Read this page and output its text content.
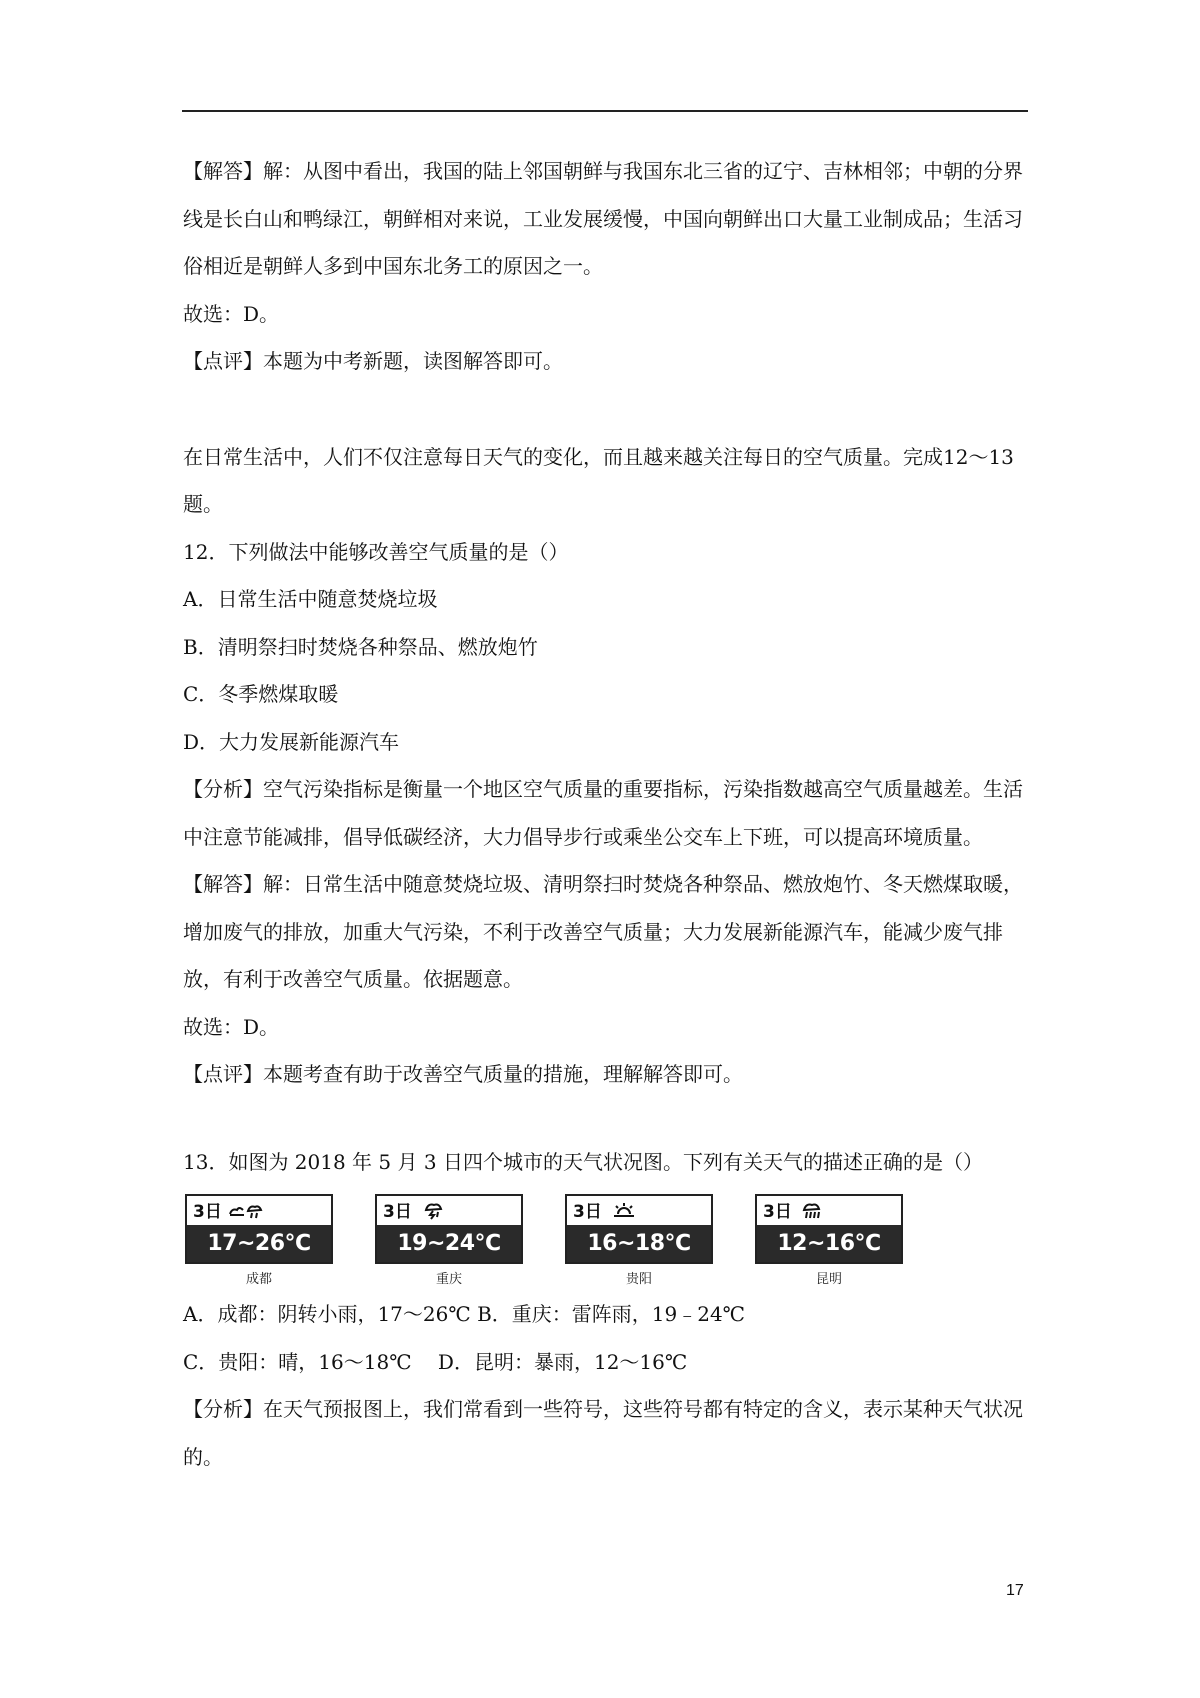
【解答】解：从图中看出，我国的陆上邻国朝鲜与我国东北三省的辽宁、吉林相邻；中朝的分界线是长白山和鸭绿江，朝鲜相对来说，工业发展缓慢，中国向朝鲜出口大量工业制成品；生活习俗相近是朝鲜人多到中国东北务工的原因之一。

故选：D。

【点评】本题为中考新题，读图解答即可。

在日常生活中，人们不仅注意每日天气的变化，而且越来越关注每日的空气质量。完成12～13题。

12．下列做法中能够改善空气质量的是（）

A．日常生活中随意焚烧垃圾

B．清明祭扫时焚烧各种祭品、燃放炮竹

C．冬季燃煤取暖

D．大力发展新能源汽车

【分析】空气污染指标是衡量一个地区空气质量的重要指标，污染指数越高空气质量越差。生活中注意节能减排，倡导低碳经济，大力倡导步行或乘坐公交车上下班，可以提高环境质量。

【解答】解：日常生活中随意焚烧垃圾、清明祭扫时焚烧各种祭品、燃放炮竹、冬天燃煤取暖，增加废气的排放，加重大气污染，不利于改善空气质量；大力发展新能源汽车，能减少废气排放，有利于改善空气质量。依据题意。

故选：D。

【点评】本题考查有助于改善空气质量的措施，理解解答即可。

13．如图为 2018 年 5 月 3 日四个城市的天气状况图。下列有关天气的描述正确的是（）

3日
17~26℃
成都
3日
19~24℃
重庆
3日
16~18℃
贵阳
3日
12~16℃
昆明

A．成都：阴转小雨，17～26℃ B．重庆：雷阵雨，19﹣24℃

C．贵阳：晴，16～18℃　 D．昆明：暴雨，12～16℃

【分析】在天气预报图上，我们常看到一些符号，这些符号都有特定的含义，表示某种天气状况的。

17
